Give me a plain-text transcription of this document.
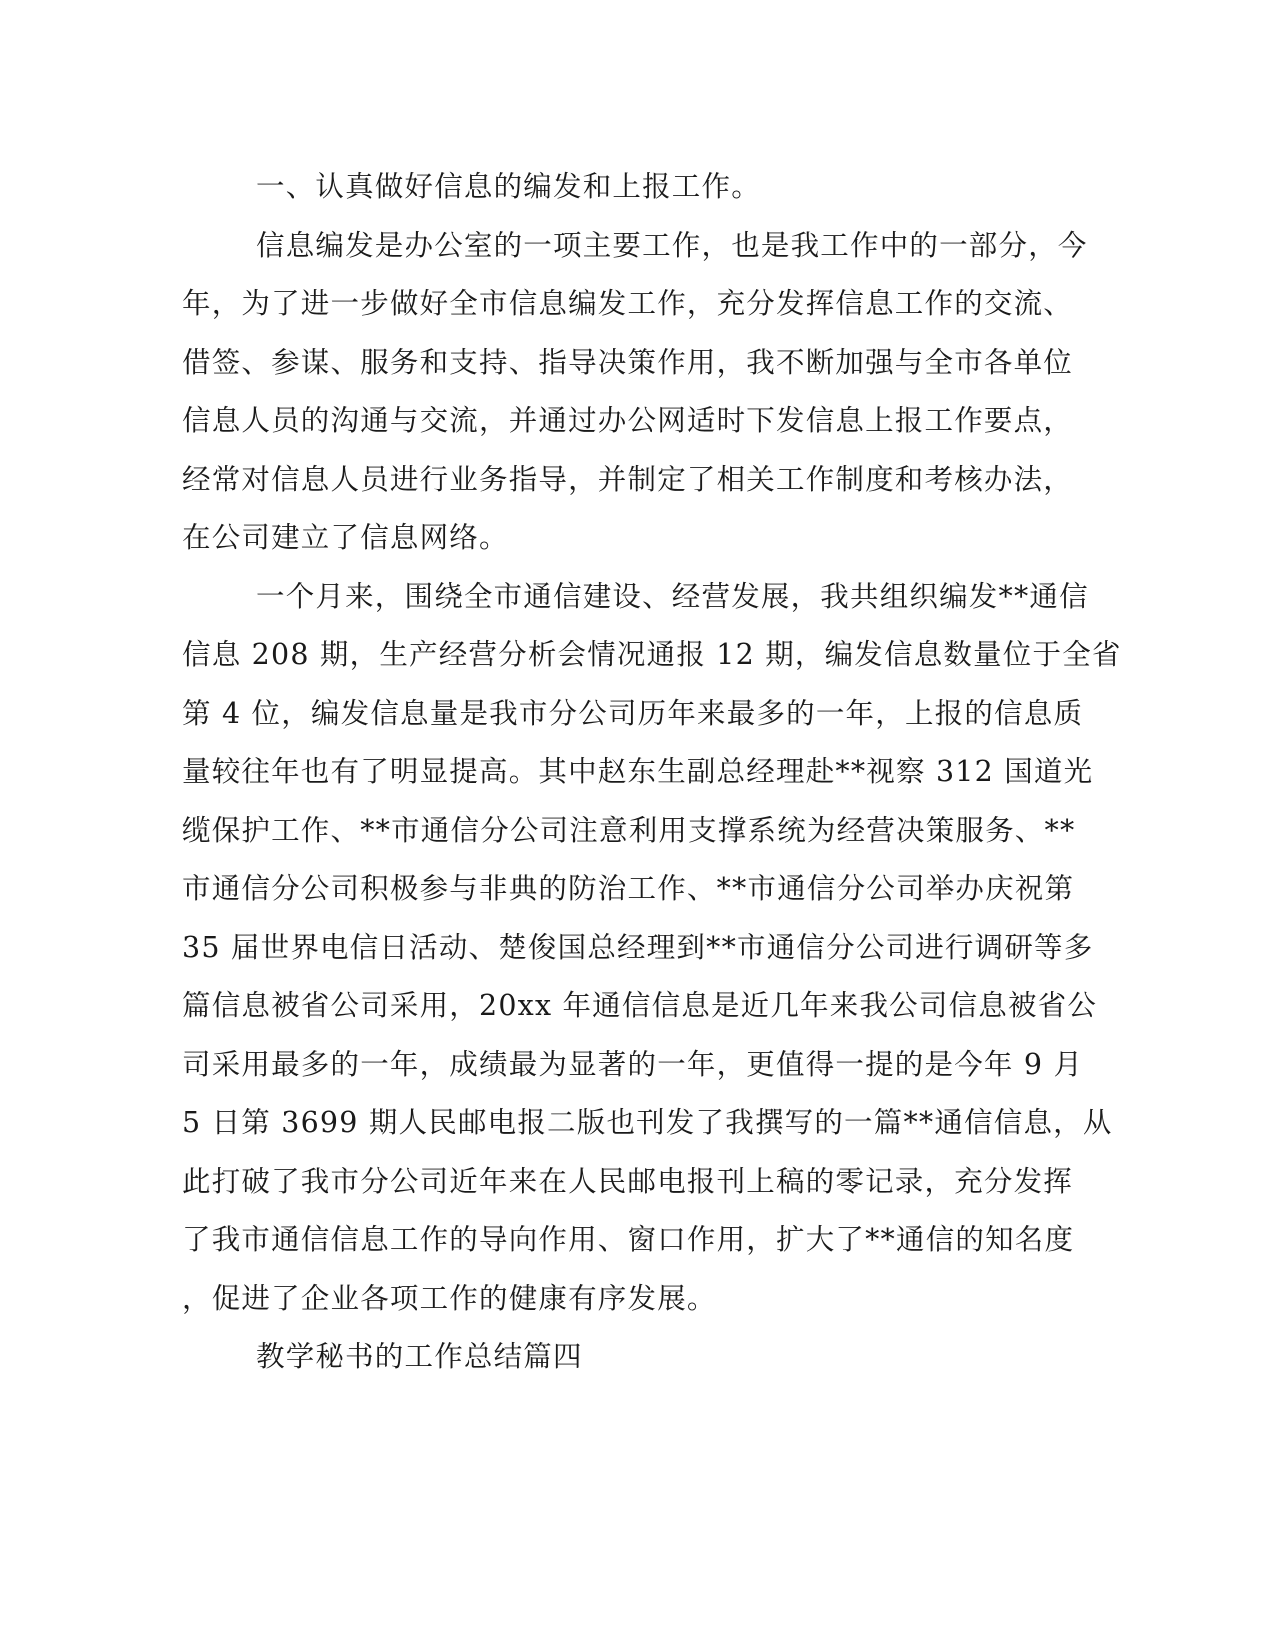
一、认真做好信息的编发和上报工作。
信息编发是办公室的一项主要工作，也是我工作中的一部分，今
年，为了进一步做好全市信息编发工作，充分发挥信息工作的交流、
借签、参谋、服务和支持、指导决策作用，我不断加强与全市各单位
信息人员的沟通与交流，并通过办公网适时下发信息上报工作要点，
经常对信息人员进行业务指导，并制定了相关工作制度和考核办法，
在公司建立了信息网络。
一个月来，围绕全市通信建设、经营发展，我共组织编发**通信
信息 208 期，生产经营分析会情况通报 12 期，编发信息数量位于全省
第 4 位，编发信息量是我市分公司历年来最多的一年，上报的信息质
量较往年也有了明显提高。其中赵东生副总经理赴**视察 312 国道光
缆保护工作、**市通信分公司注意利用支撑系统为经营决策服务、**
市通信分公司积极参与非典的防治工作、**市通信分公司举办庆祝第
35 届世界电信日活动、楚俊国总经理到**市通信分公司进行调研等多
篇信息被省公司采用，20xx 年通信信息是近几年来我公司信息被省公
司采用最多的一年，成绩最为显著的一年，更值得一提的是今年 9 月
5 日第 3699 期人民邮电报二版也刊发了我撰写的一篇**通信信息，从
此打破了我市分公司近年来在人民邮电报刊上稿的零记录，充分发挥
了我市通信信息工作的导向作用、窗口作用，扩大了**通信的知名度
，促进了企业各项工作的健康有序发展。
教学秘书的工作总结篇四
